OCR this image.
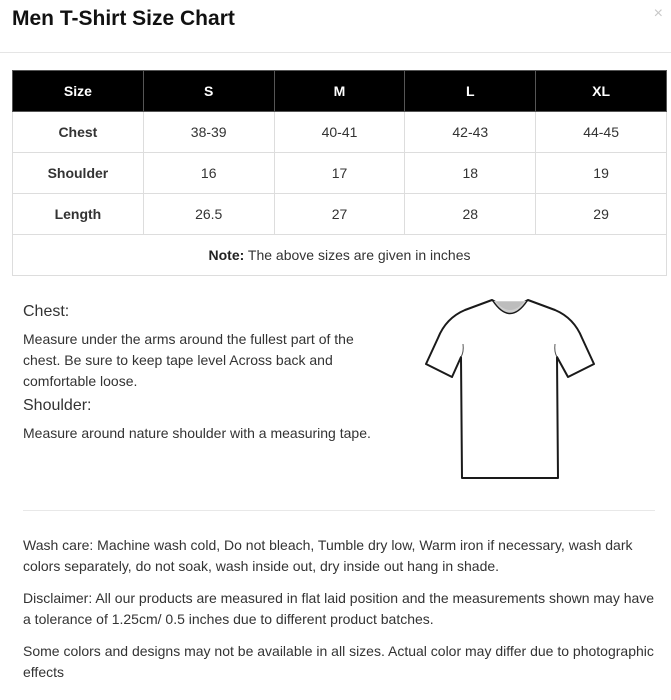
Men T-Shirt Size Chart	×
Size	S	M	L	XL
Chest	38-39	40-41	42-43	44-45
Shoulder	16	17	18	19
Length	26.5	27	28	29
Note: The above sizes are given in inches				
Chest:

Measure under the arms around the fullest part of the chest. Be sure to keep tape level Across back and comfortable loose.

Shoulder:

Measure around nature shoulder with a measuring tape.

Wash care: Machine wash cold, Do not bleach, Tumble dry low, Warm iron if necessary, wash dark colors separately, do not soak, wash inside out, dry inside out hang in shade.

Disclaimer: All our products are measured in flat laid position and the measurements shown may have a tolerance of 1.25cm/ 0.5 inches due to different product batches.

Some colors and designs may not be available in all sizes. Actual color may differ due to photographic effects
